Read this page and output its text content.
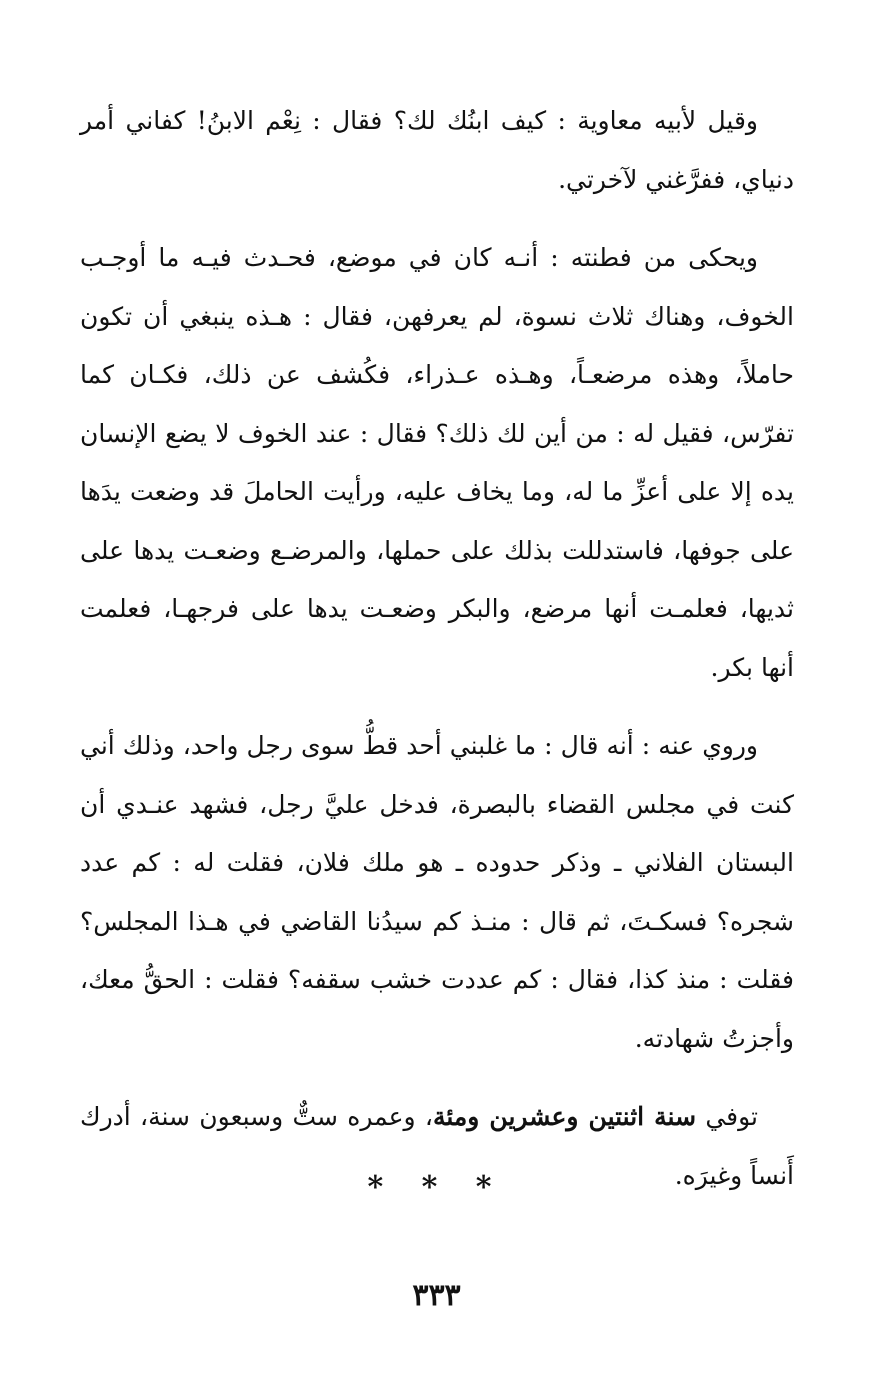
وقيل لأبيه معاوية : كيف ابنُك لك؟ فقال : نِعْم الابنُ! كفاني أمر دنياي، ففرَّغني لآخرتي.

ويحكى من فطنته : أنـه كان في موضع، فحـدث فيـه ما أوجـب الخوف، وهناك ثلاث نسوة، لم يعرفهن، فقال : هـذه ينبغي أن تكون حاملاً، وهذه مرضعـاً، وهـذه عـذراء، فكُشف عن ذلك، فكـان كما تفرّس، فقيل له : من أين لك ذلك؟ فقال : عند الخوف لا يضع الإنسان يده إلا على أعزِّ ما له، وما يخاف عليه، ورأيت الحاملَ قد وضعت يدَها على جوفها، فاستدللت بذلك على حملها، والمرضـع وضعـت يدها على ثديها، فعلمـت أنها مرضع، والبكر وضعـت يدها على فرجهـا، فعلمت أنها بكر.

وروي عنه : أنه قال : ما غلبني أحد قطُّ سوى رجل واحد، وذلك أني كنت في مجلس القضاء بالبصرة، فدخل عليَّ رجل، فشهد عنـدي أن البستان الفلاني ـ وذكر حدوده ـ هو ملك فلان، فقلت له : كم عدد شجره؟ فسكـتَ، ثم قال : منـذ كم سيدُنا القاضي في هـذا المجلس؟ فقلت : منذ كذا، فقال : كم عددت خشب سقفه؟ فقلت : الحقُّ معك، وأجزتُ شهادته.

توفي سنة اثنتين وعشرين ومئة، وعمره ستٌّ وسبعون سنة، أدرك أَنساً وغيرَه.

* * *
٣٣٣
